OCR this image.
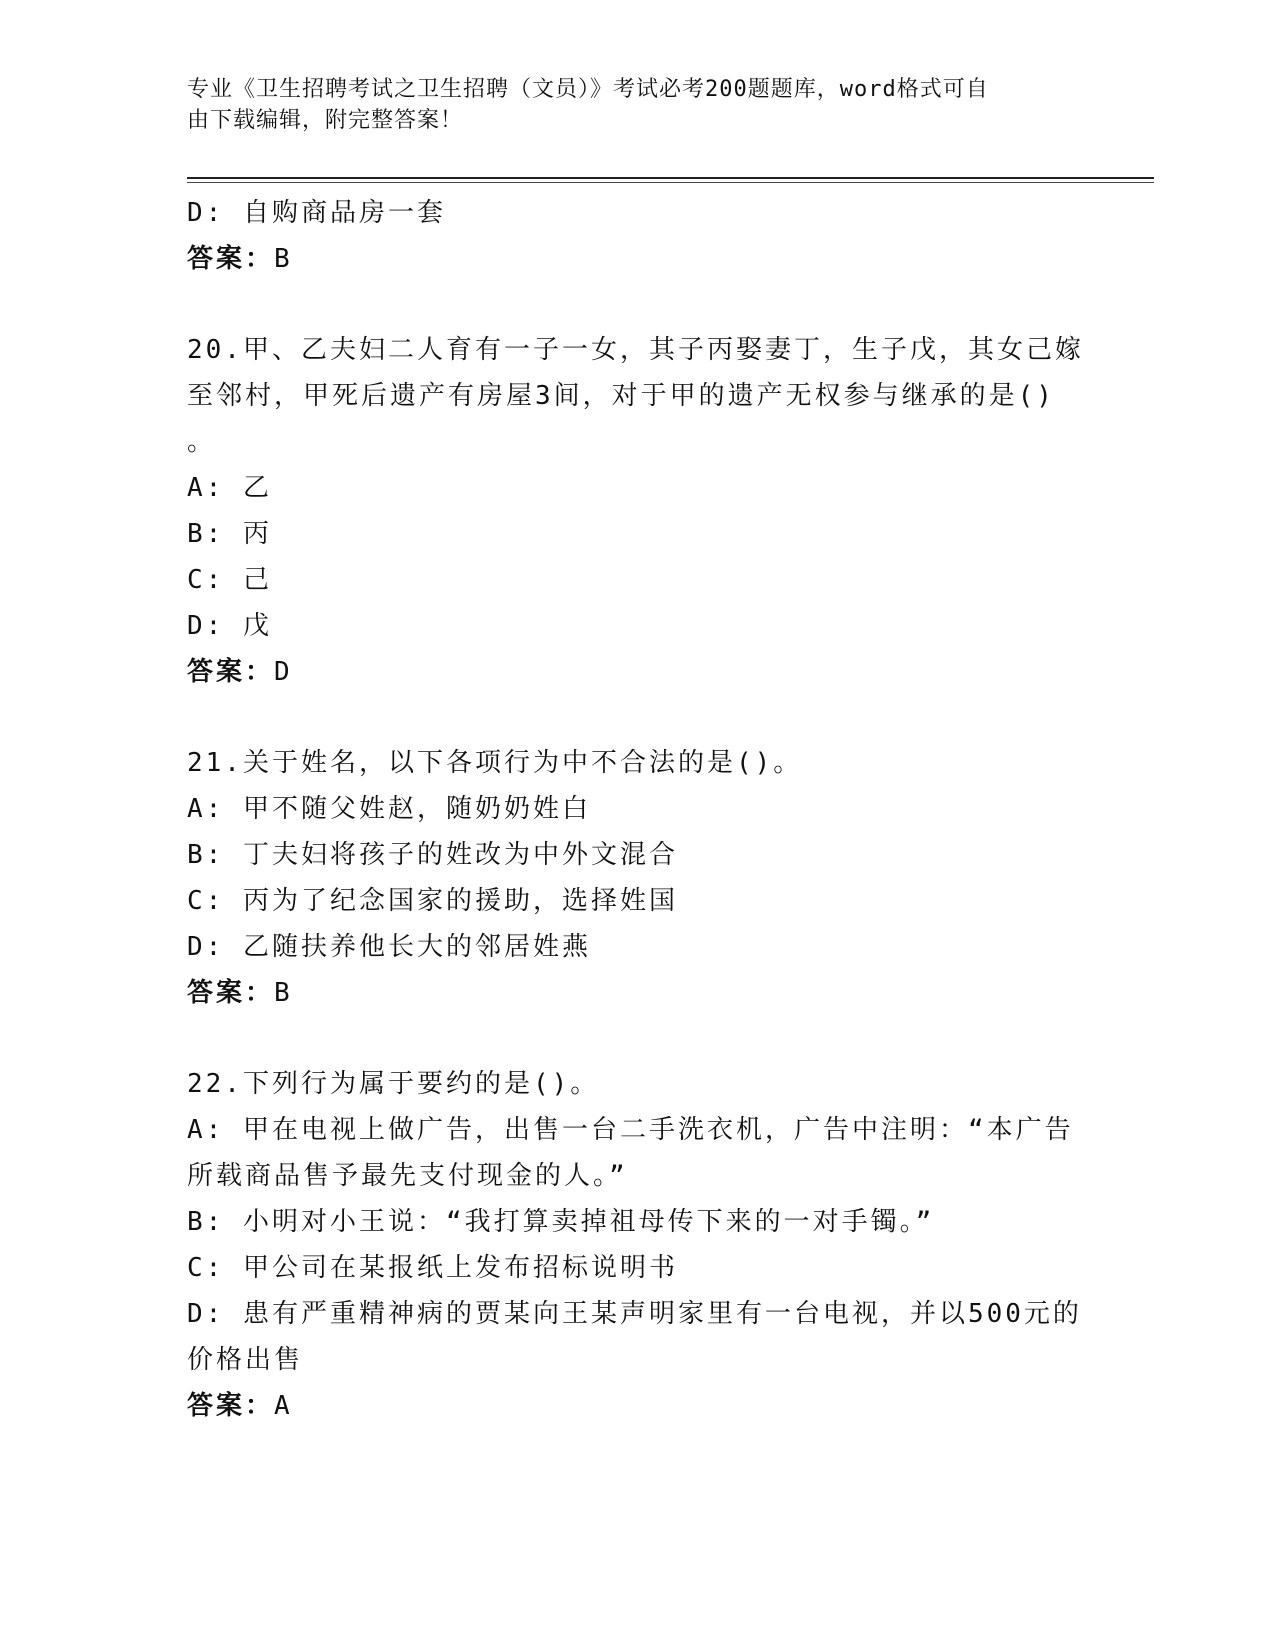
专业《卫生招聘考试之卫生招聘（文员）》考试必考200题题库，word格式可自
由下载编辑，附完整答案！

D: 自购商品房一套

答案：B

20.甲、乙夫妇二人育有一子一女，其子丙娶妻丁，生子戊，其女己嫁

至邻村，甲死后遗产有房屋3间，对于甲的遗产无权参与继承的是()

。

A: 乙

B: 丙

C: 己

D: 戊

答案：D

21.关于姓名，以下各项行为中不合法的是()。

A: 甲不随父姓赵，随奶奶姓白

B: 丁夫妇将孩子的姓改为中外文混合

C: 丙为了纪念国家的援助，选择姓国

D: 乙随扶养他长大的邻居姓燕

答案：B

22.下列行为属于要约的是()。

A: 甲在电视上做广告，出售一台二手洗衣机，广告中注明：“本广告

所载商品售予最先支付现金的人。”

B: 小明对小王说：“我打算卖掉祖母传下来的一对手镯。”

C: 甲公司在某报纸上发布招标说明书

D: 患有严重精神病的贾某向王某声明家里有一台电视，并以500元的

价格出售

答案：A
